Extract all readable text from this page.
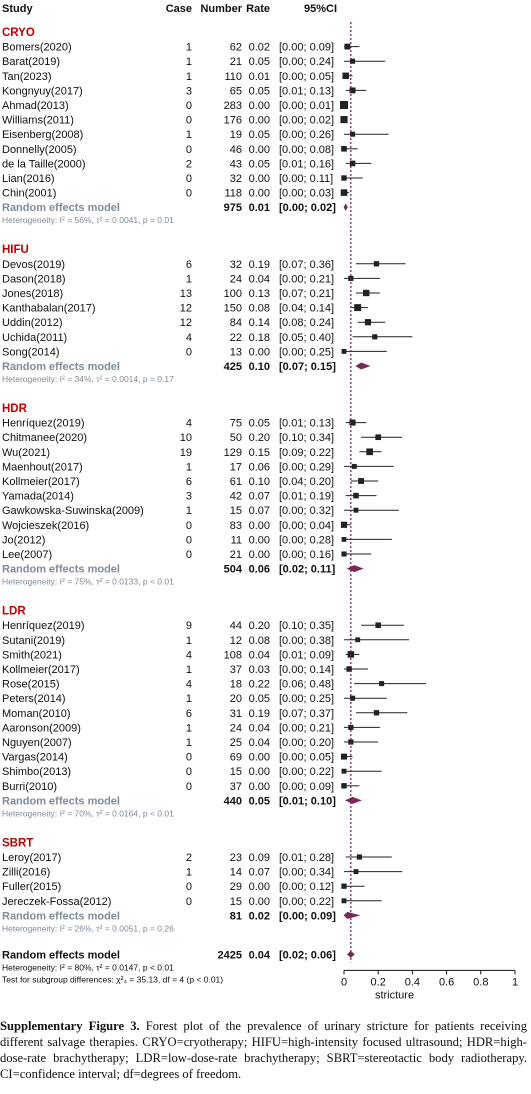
Study	Case Number Rate	95%CI
CRYO
Bomers(2020)	1	62 0.02 [0.00; 0.09]
Barat(2019)	1	21 0.05 [0.00; 0.24]
Tan(2023)	1	110 0.01 [0.00; 0.05]
Kongnyuy(2017)	3	65 0.05 [0.01; 0.13]
Ahmad(2013)	0	283 0.00 [0.00; 0.01]
Williams(2011)	0	176 0.00 [0.00; 0.02]
Eisenberg(2008)	1	19 0.05 [0.00; 0.26]
Donnelly(2005)	0	46 0.00 [0.00; 0.08]
de la Taille(2000)	2	43 0.05 [0.01; 0.16]
Lian(2016)	0	32 0.00 [0.00; 0.11]
Chin(2001)	0	118 0.00 [0.00; 0.03]
Random effects model	975 0.01 [0.00; 0.02]
Heterogeneity: I² = 56%, τ² = 0.0041, p = 0.01
HIFU
Devos(2019)	6	32 0.19 [0.07; 0.36]
Dason(2018)	1	24 0.04 [0.00; 0.21]
Jones(2018)	13	100 0.13 [0.07; 0.21]
Kanthabalan(2017)	12	150 0.08 [0.04; 0.14]
Uddin(2012)	12	84 0.14 [0.08; 0.24]
Uchida(2011)	4	22 0.18 [0.05; 0.40]
Song(2014)	0	13 0.00 [0.00; 0.25]
Random effects model	425 0.10 [0.07; 0.15]
Heterogeneity: I² = 34%, τ² = 0.0014, p = 0.17
HDR
Henríquez(2019)	4	75 0.05 [0.01; 0.13]
Chitmanee(2020)	10	50 0.20 [0.10; 0.34]
Wu(2021)	19	129 0.15 [0.09; 0.22]
Maenhout(2017)	1	17 0.06 [0.00; 0.29]
Kollmeier(2017)	6	61 0.10 [0.04; 0.20]
Yamada(2014)	3	42 0.07 [0.01; 0.19]
Gawkowska-Suwinska(2009)	1	15 0.07 [0.00; 0.32]
Wojcieszek(2016)	0	83 0.00 [0.00; 0.04]
Jo(2012)	0	11 0.00 [0.00; 0.28]
Lee(2007)	0	21 0.00 [0.00; 0.16]
Random effects model	504 0.06 [0.02; 0.11]
Heterogeneity: I² = 75%, τ² = 0.0133, p < 0.01
LDR
Henríquez(2019)	9	44 0.20 [0.10; 0.35]
Sutani(2019)	1	12 0.08 [0.00; 0.38]
Smith(2021)	4	108 0.04 [0.01; 0.09]
Kollmeier(2017)	1	37 0.03 [0.00; 0.14]
Rose(2015)	4	18 0.22 [0.06; 0.48]
Peters(2014)	1	20 0.05 [0.00; 0.25]
Moman(2010)	6	31 0.19 [0.07; 0.37]
Aaronson(2009)	1	24 0.04 [0.00; 0.21]
Nguyen(2007)	1	25 0.04 [0.00; 0.20]
Vargas(2014)	0	69 0.00 [0.00; 0.05]
Shimbo(2013)	0	15 0.00 [0.00; 0.22]
Burri(2010)	0	37 0.00 [0.00; 0.09]
Random effects model	440 0.05 [0.01; 0.10]
Heterogeneity: I² = 70%, τ² = 0.0164, p < 0.01
SBRT
Leroy(2017)	2	23 0.09 [0.01; 0.28]
Zilli(2016)	1	14 0.07 [0.00; 0.34]
Fuller(2015)	0	29 0.00 [0.00; 0.12]
Jereczek-Fossa(2012)	0	15 0.00 [0.00; 0.22]
Random effects model	81 0.02 [0.00; 0.09]
Heterogeneity: I² = 26%, τ² = 0.0051, p = 0.26
Random effects model	2425 0.04 [0.02; 0.06]
Heterogeneity: I² = 80%, τ² = 0.0147, p < 0.01
Test for subgroup differences: χ²₄ = 35.13, df = 4 (p < 0.01)	0 0.2 0.4 0.6 0.8 1
stricture
Supplementary Figure 3. Forest plot of the prevalence of urinary stricture for patients receiving different salvage therapies. CRYO=cryotherapy; HIFU=high-intensity focused ultrasound; HDR=high-dose-rate brachytherapy; LDR=low-dose-rate brachytherapy; SBRT=stereotactic body radiotherapy. CI=confidence interval; df=degrees of freedom.
